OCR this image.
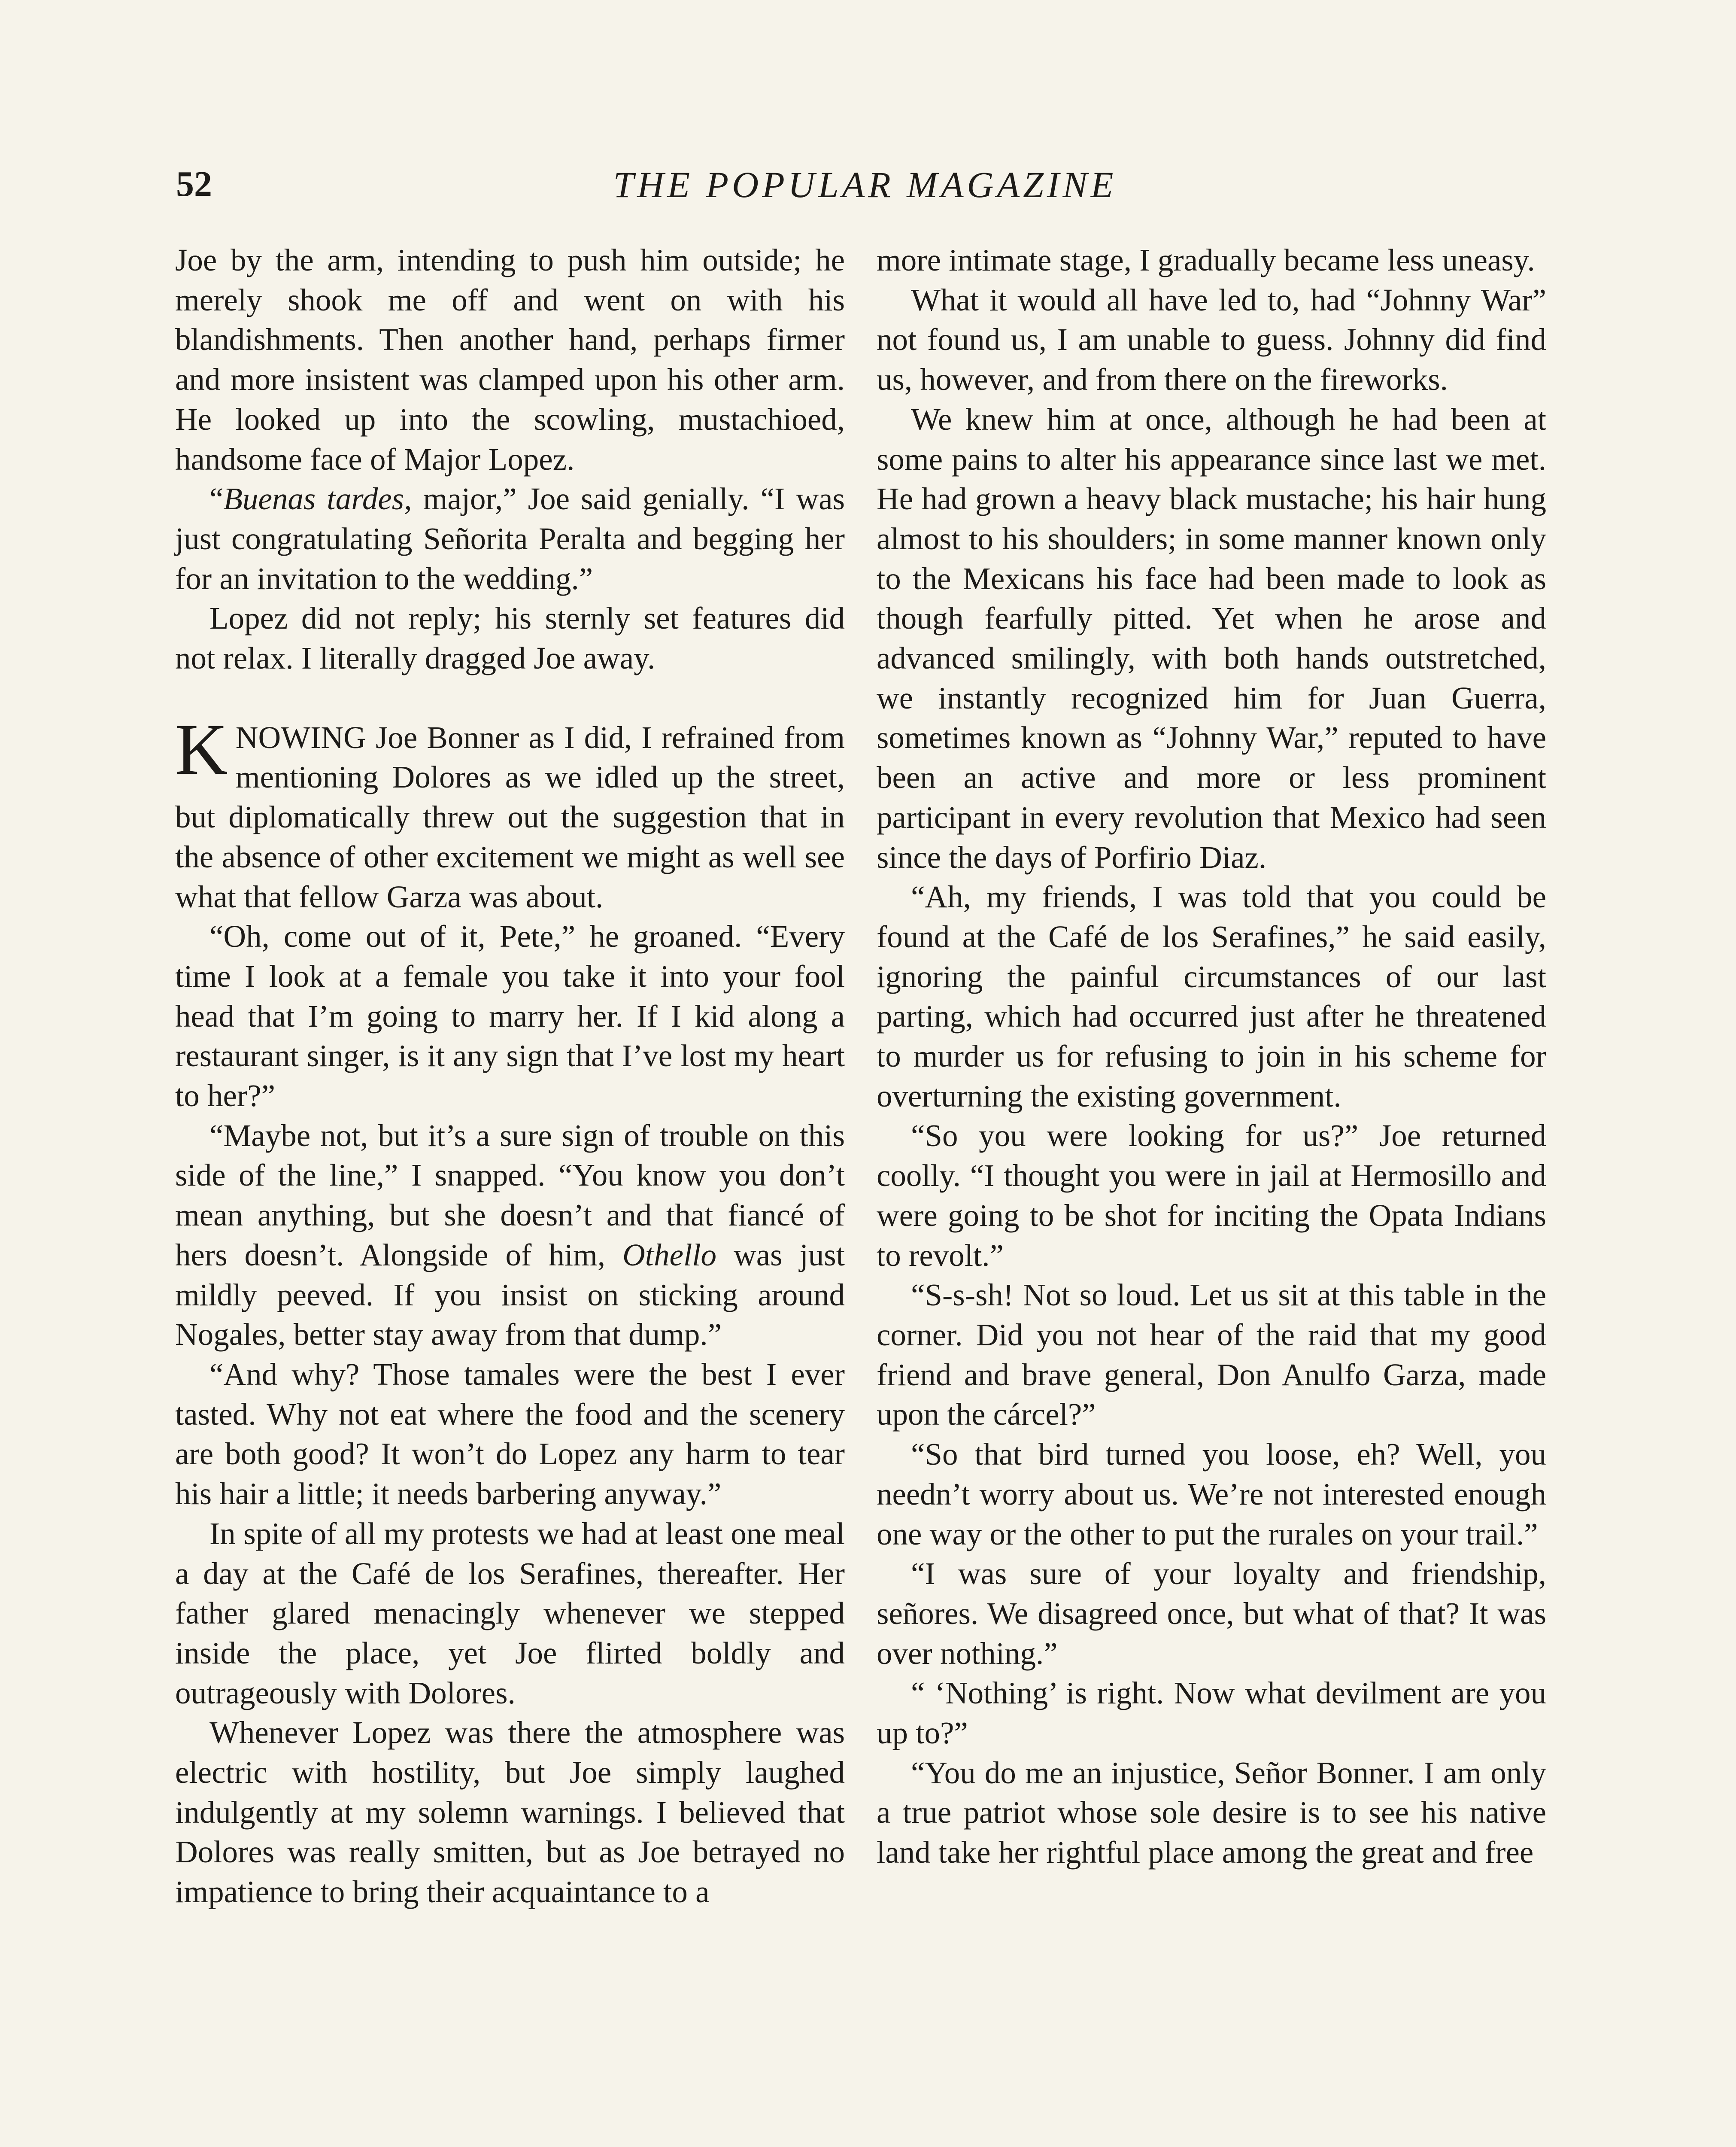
52	THE POPULAR MAGAZINE

Joe by the arm, intending to push him outside; he merely shook me off and went on with his blandishments. Then another hand, perhaps firmer and more insistent was clamped upon his other arm. He looked up into the scowling, mustachioed, handsome face of Major Lopez.

“Buenas tardes, major,” Joe said genially. “I was just congratulating Señorita Peralta and begging her for an invitation to the wedding.”

Lopez did not reply; his sternly set features did not relax. I literally dragged Joe away.

KNOWING Joe Bonner as I did, I refrained from mentioning Dolores as we idled up the street, but diplomatically threw out the suggestion that in the absence of other excitement we might as well see what that fellow Garza was about.

“Oh, come out of it, Pete,” he groaned. “Every time I look at a female you take it into your fool head that I’m going to marry her. If I kid along a restaurant singer, is it any sign that I’ve lost my heart to her?”

“Maybe not, but it’s a sure sign of trouble on this side of the line,” I snapped. “You know you don’t mean anything, but she doesn’t and that fiancé of hers doesn’t. Alongside of him, Othello was just mildly peeved. If you insist on sticking around Nogales, better stay away from that dump.”

“And why? Those tamales were the best I ever tasted. Why not eat where the food and the scenery are both good? It won’t do Lopez any harm to tear his hair a little; it needs barbering anyway.”

In spite of all my protests we had at least one meal a day at the Café de los Serafines, thereafter. Her father glared menacingly whenever we stepped inside the place, yet Joe flirted boldly and outrageously with Dolores.

Whenever Lopez was there the atmosphere was electric with hostility, but Joe simply laughed indulgently at my solemn warnings. I believed that Dolores was really smitten, but as Joe betrayed no impatience to bring their acquaintance to a

more intimate stage, I gradually became less uneasy.

What it would all have led to, had “Johnny War” not found us, I am unable to guess. Johnny did find us, however, and from there on the fireworks.

We knew him at once, although he had been at some pains to alter his appearance since last we met. He had grown a heavy black mustache; his hair hung almost to his shoulders; in some manner known only to the Mexicans his face had been made to look as though fearfully pitted. Yet when he arose and advanced smilingly, with both hands outstretched, we instantly recognized him for Juan Guerra, sometimes known as “Johnny War,” reputed to have been an active and more or less prominent participant in every revolution that Mexico had seen since the days of Porfirio Diaz.

“Ah, my friends, I was told that you could be found at the Café de los Serafines,” he said easily, ignoring the painful circumstances of our last parting, which had occurred just after he threatened to murder us for refusing to join in his scheme for overturning the existing government.

“So you were looking for us?” Joe returned coolly. “I thought you were in jail at Hermosillo and were going to be shot for inciting the Opata Indians to revolt.”

“S-s-sh! Not so loud. Let us sit at this table in the corner. Did you not hear of the raid that my good friend and brave general, Don Anulfo Garza, made upon the cárcel?”

“So that bird turned you loose, eh? Well, you needn’t worry about us. We’re not interested enough one way or the other to put the rurales on your trail.”

“I was sure of your loyalty and friendship, señores. We disagreed once, but what of that? It was over nothing.”

“ ‘Nothing’ is right. Now what devilment are you up to?”

“You do me an injustice, Señor Bonner. I am only a true patriot whose sole desire is to see his native land take her rightful place among the great and free
